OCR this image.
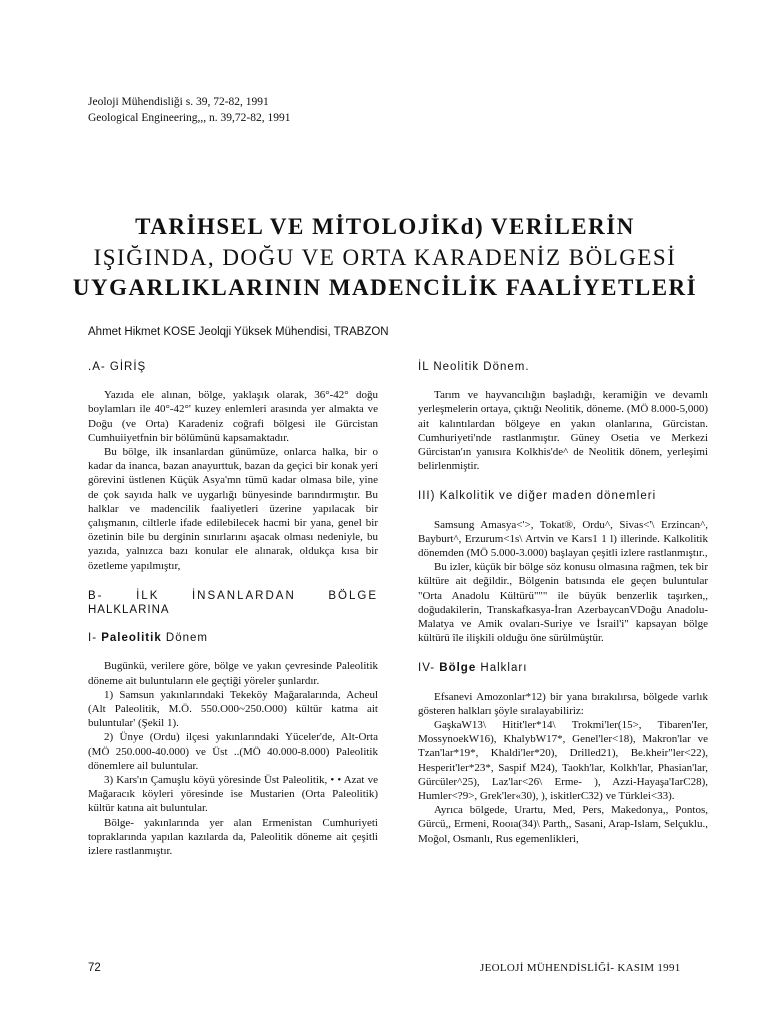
Jeoloji Mühendisliği s. 39, 72-82, 1991
Geological Engineering,,, n. 39,72-82, 1991
TARİHSEL VE MİTOLOJİKd) VERİLERİN
IŞIĞINDA, DOĞU VE ORTA KARADENİZ BÖLGESİ
UYGARLIKLARININ MADENCİLİK FAALİYETLERİ
Ahmet Hikmet KOSE Jeolqji Yüksek Mühendisi, TRABZON
.A- GİRİŞ

Yazıda ele alınan, bölge, yaklaşık olarak, 36°-42° doğu boylamları ile 40°-42°' kuzey enlemleri arasında yer almakta ve Doğu (ve Orta) Karadeniz coğrafi bölgesi ile Gürcistan Cumhuiiyetfnin bir bölümünü kapsamaktadır.

Bu bölge, ilk insanlardan günümüze, onlarca halka, bir o kadar da inanca, bazan anayurttuk, bazan da geçici bir konak yeri görevini üstlenen Küçük Asya'mn tümü kadar olmasa bile, yine de çok sayıda halk ve uygarlığı bünyesinde barındırmıştır. Bu halklar ve madencilik faaliyetleri üzerine yapılacak bir çalışmanın, ciltlerle ifade edilebilecek hacmi bir yana, genel bir özetinin bile bu derginin sınırlarını aşacak olması nedeniyle, bu yazıda, yalnızca bazı konular ele alınarak, oldukça kısa bir özetleme yapılmıştır,

B- İLK İNSANLARDAN BÖLGE
HALKLARINA
I- Paleolitik Dönem

Bugünkü, verilere göre, bölge ve yakın çevresinde Paleolitik döneme ait buluntuların ele geçtiği yöreler şunlardır.

1) Samsun yakınlarındaki Tekeköy Mağaralarında, Acheul (Alt Paleolitik, M.Ö. 550.O00~250.O00) kültür katma ait buluntular' (Şekil 1).

2) Ünye (Ordu) ilçesi yakınlarındaki Yüceler'de, Alt-Orta (MÖ 250.000-40.000) ve Üst ..(MÖ 40.000-8.000) Paleolitik dönemlere ail buluntular.

3) Kars'ın Çamuşlu köyü yöresinde Üst Paleolitik, • • Azat ve Mağaracık köyleri yöresinde ise Mustarien (Orta Paleolitik) kültür katına ait buluntular.

Bölge- yakınlarında yer alan Ermenistan Cumhuriyeti topraklarında yapılan kazılarda da, Paleolitik döneme ait çeşitli izlere rastlanmıştır.

İL Neolitik Dönem.

Tarım ve hayvancılığın başladığı, keramiğin ve devamlı yerleşmelerin ortaya, çıktığı Neolitik, döneme. (MÖ 8.000-5,000) ait kalıntılardan bölgeye en yakın olanlarına, Gürcistan. Cumhuriyeti'nde rastlanmıştır. Güney Osetia ve Merkezi Gürcistan'ın yanısıra Kolkhis'de^ de Neolitik dönem, yerleşimi belirlenmiştir.

III) Kalkolitik ve diğer maden dönemleri

Samsung Amasya<'>, Tokat®, Ordu^, Sivas<'\ Erzincan^, Bayburt^, Erzurum<1s\ Artvin ve Kars1 1 l) illerinde. Kalkolitik dönemden (MÖ 5.000-3.000) başlayan çeşitli izlere rastlanmıştır.,

Bu izler, küçük bir bölge söz konusu olmasına rağmen, tek bir kültüre ait değildir., Bölgenin batısında ele geçen buluntular "Orta Anadolu Kültürü""" ile büyük benzerlik taşırken,, doğudakilerin, Transkafkasya-İran AzerbaycanVDoğu Anadolu-Malatya ve Amik ovaları-Suriye ve İsrail'i" kapsayan bölge kültürü île ilişkili olduğu öne sürülmüştür.

IV- Bölge Halkları

Efsanevi Amozonlar*12) bir yana bırakılırsa, bölgede varlık gösteren halkları şöyle sıralayabiliriz:

GaşkaW13\ Hitit'ler*14\ Trokmi'ler(15>, Tibaren'Ier, MossynoekW16), KhalybW17*, Genel'ler<18), Makron'lar ve Tzan'lar*19*, Khaldi'ler*20), Drilled21), Be.kheir"ler<22), Hesperit'ler*23*, Saspif M24), Taokh'lar, Kolkh'lar, Phasian'lar, Gürcüler^25), Laz'lar<26\ Erme- ), Azzi-Hayaşa'IarC28), Humler<?9>, Grek'ler«30), ), iskitlerC32) ve Türklei<33).

Ayrıca bölgede, Urartu, Med, Pers, Makedonya,, Pontos, Gürcü,, Ermeni, Rooıa(34)\ Parth,, Sasani, Arap-Islam, Selçuklu., Moğol, Osmanlı, Rus egemenlikleri,

72	JEOLOJİ MÜHENDİSLİĞİ- KASIM 1991
